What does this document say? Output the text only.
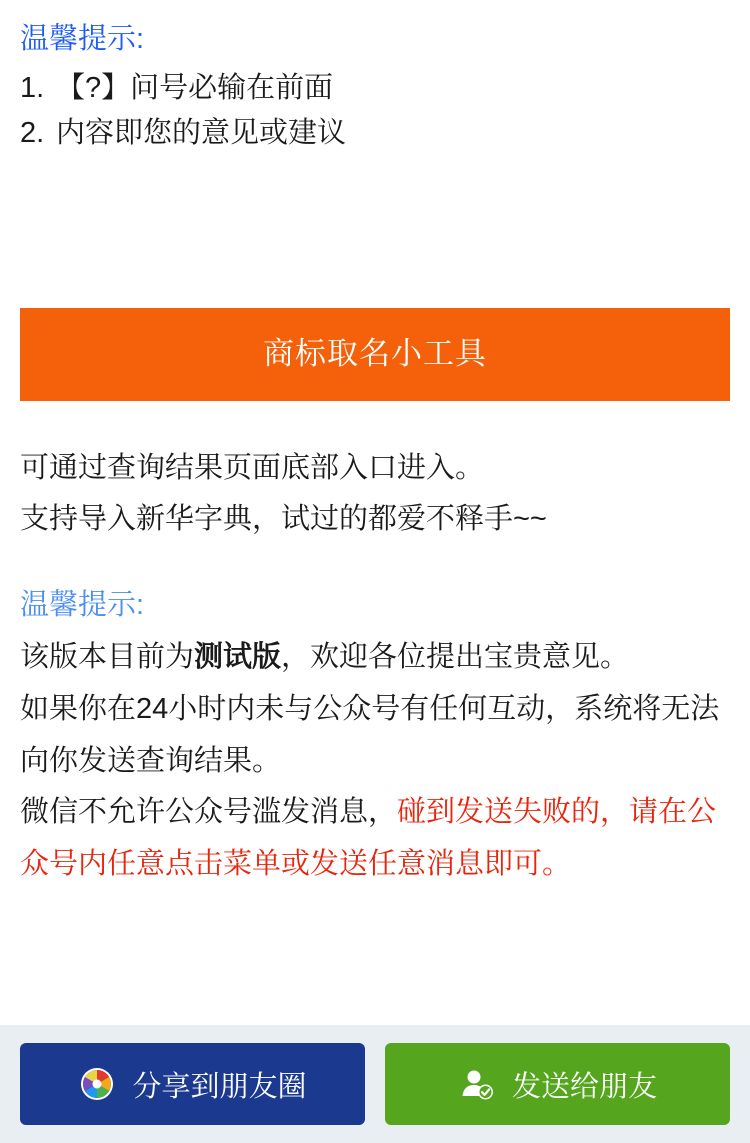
温馨提示:

1. 【?】问号必输在前面
2. 内容即您的意见或建议
商标取名小工具

可通过查询结果页面底部入口进入。

支持导入新华字典，试过的都爱不释手~~

温馨提示:

该版本目前为测试版，欢迎各位提出宝贵意见。

如果你在24小时内未与公众号有任何互动，系统将无法向你发送查询结果。

微信不允许公众号滥发消息，碰到发送失败的，请在公众号内任意点击菜单或发送任意消息即可。

分享到朋友圈	发送给朋友
